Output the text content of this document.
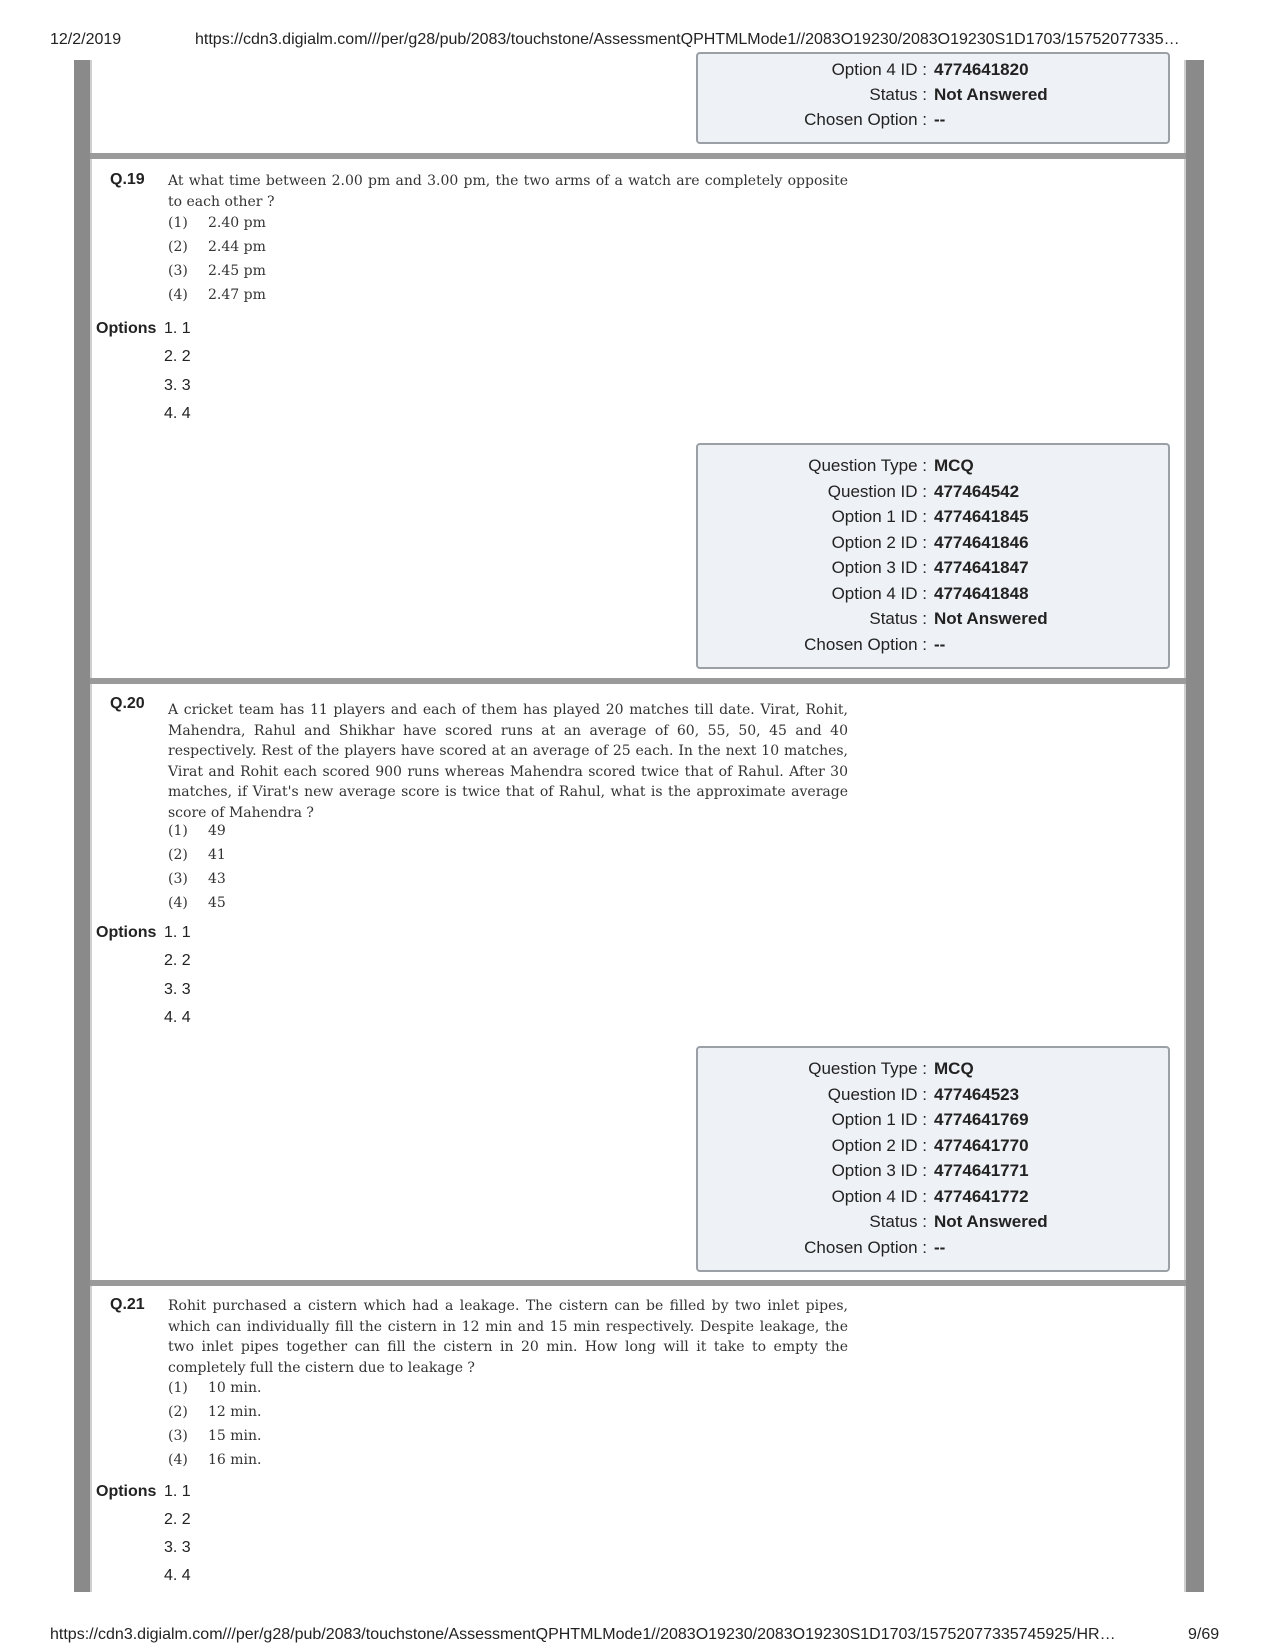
12/2/2019	https://cdn3.digialm.com///per/g28/pub/2083/touchstone/AssessmentQPHTMLMode1//2083O19230/2083O19230S1D1703/15752077335…
https://cdn3.digialm.com///per/g28/pub/2083/touchstone/AssessmentQPHTMLMode1//2083O19230/2083O19230S1D1703/15752077335745925/HR…	9/69
Option 4 ID : 4774641820
Status : Not Answered
Chosen Option : --
Q.19 At what time between 2.00 pm and 3.00 pm, the two arms of a watch are completely opposite to each other ?
(1) 2.40 pm
(2) 2.44 pm
(3) 2.45 pm
(4) 2.47 pm
Options 1. 1
2. 2
3. 3
4. 4
Question Type : MCQ
Question ID : 477464542
Option 1 ID : 4774641845
Option 2 ID : 4774641846
Option 3 ID : 4774641847
Option 4 ID : 4774641848
Status : Not Answered
Chosen Option : --
Q.20 A cricket team has 11 players and each of them has played 20 matches till date. Virat, Rohit, Mahendra, Rahul and Shikhar have scored runs at an average of 60, 55, 50, 45 and 40 respectively. Rest of the players have scored at an average of 25 each. In the next 10 matches, Virat and Rohit each scored 900 runs whereas Mahendra scored twice that of Rahul. After 30 matches, if Virat's new average score is twice that of Rahul, what is the approximate average score of Mahendra ?
(1) 49
(2) 41
(3) 43
(4) 45
Options 1. 1
2. 2
3. 3
4. 4
Question Type : MCQ
Question ID : 477464523
Option 1 ID : 4774641769
Option 2 ID : 4774641770
Option 3 ID : 4774641771
Option 4 ID : 4774641772
Status : Not Answered
Chosen Option : --
Q.21 Rohit purchased a cistern which had a leakage. The cistern can be filled by two inlet pipes, which can individually fill the cistern in 12 min and 15 min respectively. Despite leakage, the two inlet pipes together can fill the cistern in 20 min. How long will it take to empty the completely full the cistern due to leakage ?
(1) 10 min.
(2) 12 min.
(3) 15 min.
(4) 16 min.
Options 1. 1
2. 2
3. 3
4. 4
